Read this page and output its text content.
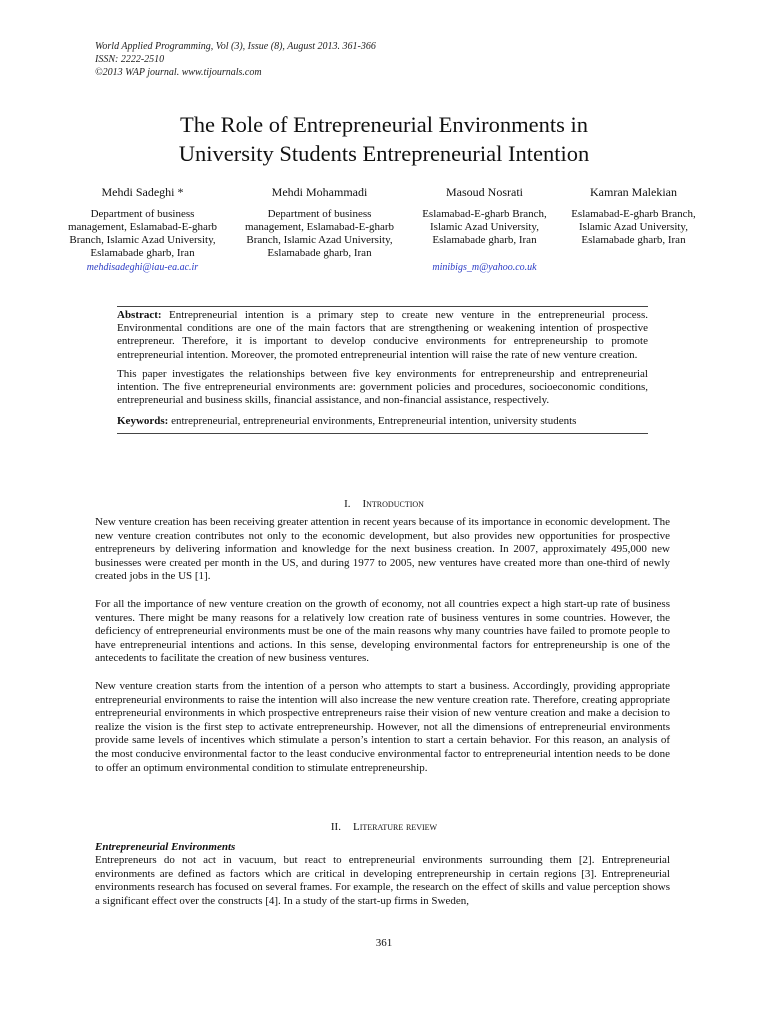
World Applied Programming, Vol (3), Issue (8), August 2013. 361-366
ISSN: 2222-2510
©2013 WAP journal. www.tijournals.com
The Role of Entrepreneurial Environments in
University Students Entrepreneurial Intention
Mehdi Sadeghi *
Department of business
management, Eslamabad-E-gharb
Branch, Islamic Azad University,
Eslamabade gharb, Iran
mehdisadeghi@iau-ea.ac.ir
Mehdi Mohammadi
Department of business
management, Eslamabad-E-gharb
Branch, Islamic Azad University,
Eslamabade gharb, Iran
Masoud Nosrati
Eslamabad-E-gharb Branch,
Islamic Azad University,
Eslamabade gharb, Iran
minibigs_m@yahoo.co.uk
Kamran Malekian
Eslamabad-E-gharb Branch,
Islamic Azad University,
Eslamabade gharb, Iran

Abstract: Entrepreneurial intention is a primary step to create new venture in the entrepreneurial process. Environmental conditions are one of the main factors that are strengthening or weakening intention of prospective entrepreneur. Therefore, it is important to develop conducive environments for entrepreneurship to promote entrepreneurial intention. Moreover, the promoted entrepreneurial intention will raise the rate of new venture creation.

This paper investigates the relationships between five key environments for entrepreneurship and entrepreneurial intention. The five entrepreneurial environments are: government policies and procedures, socioeconomic conditions, entrepreneurial and business skills, financial assistance, and non-financial assistance, respectively.

Keywords: entrepreneurial, entrepreneurial environments, Entrepreneurial intention, university students

I. Introduction

New venture creation has been receiving greater attention in recent years because of its importance in economic development. The new venture creation contributes not only to the economic development, but also provides new opportunities for prospective entrepreneurs by delivering information and knowledge for the next business creation. In 2007, approximately 495,000 new businesses were created per month in the US, and during 1977 to 2005, new ventures have created more than one-third of newly created jobs in the US [1].

For all the importance of new venture creation on the growth of economy, not all countries expect a high start-up rate of business ventures. There might be many reasons for a relatively low creation rate of business ventures in some countries. However, the deficiency of entrepreneurial environments must be one of the main reasons why many countries have failed to promote people to have entrepreneurial intentions and actions. In this sense, developing environmental factors for entrepreneurship is one of the antecedents to facilitate the creation of new business ventures.

New venture creation starts from the intention of a person who attempts to start a business. Accordingly, providing appropriate entrepreneurial environments to raise the intention will also increase the new venture creation rate. Therefore, creating appropriate entrepreneurial environments in which prospective entrepreneurs raise their vision of new venture creation and make a decision to realize the vision is the first step to activate entrepreneurship. However, not all the dimensions of entrepreneurial environments provide same levels of incentives which stimulate a person’s intention to start a certain behavior. For this reason, an analysis of the most conducive environmental factor to the least conducive environmental factor to entrepreneurial intention needs to be done to offer an optimum environmental condition to stimulate entrepreneurship.

II. Literature review
Entrepreneurial Environments

Entrepreneurs do not act in vacuum, but react to entrepreneurial environments surrounding them [2]. Entrepreneurial environments are defined as factors which are critical in developing entrepreneurship in certain regions [3]. Entrepreneurial environments research has focused on several frames. For example, the research on the effect of skills and value perception shows a significant effect over the constructs [4]. In a study of the start-up firms in Sweden,

361
